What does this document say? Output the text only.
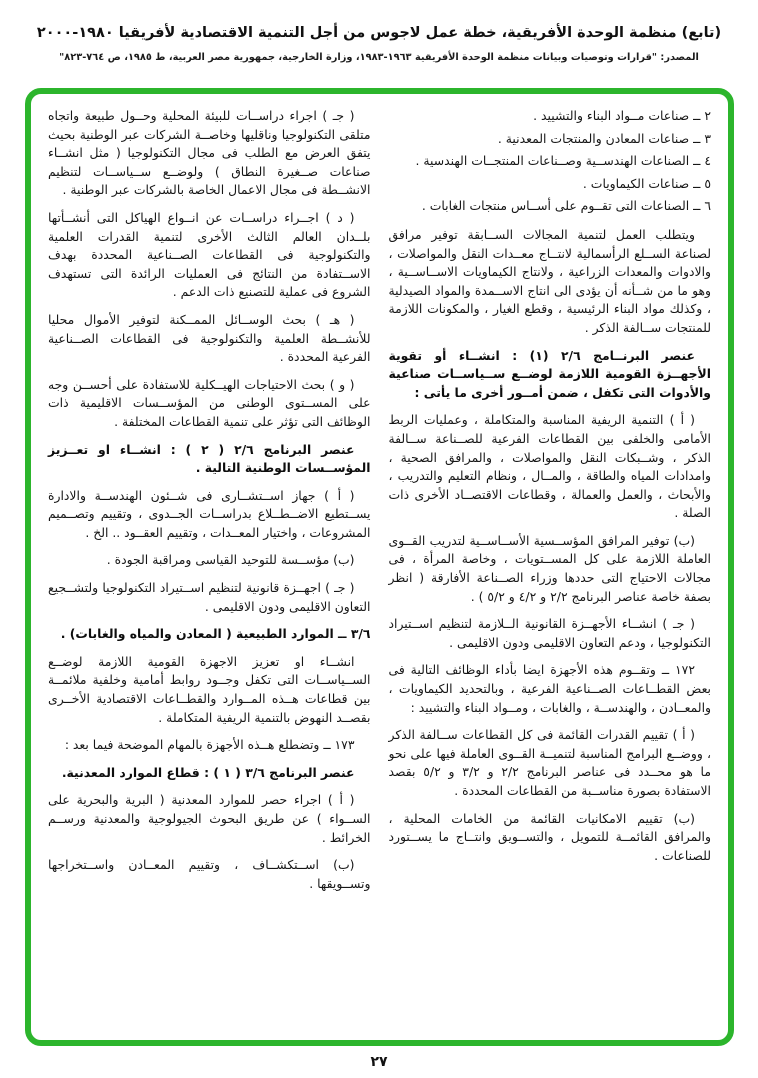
(تابع) منظمة الوحدة الأفريقية، خطة عمل لاجوس من أجل التنمية الاقتصادية لأفريقيا ١٩٨٠-٢٠٠٠

المصدر: "قرارات وتوصيات وبيانات منظمة الوحدة الأفريقية ١٩٦٣-١٩٨٣، وزارة الخارجية، جمهورية مصر العربية، ط ١٩٨٥، ص ٧٦٤-٨٢٣"

٢ ــ صناعات مــواد البناء والتشييد .

٣ ــ صناعات المعادن والمنتجات المعدنية .

٤ ــ الصناعات الهندســية وصــناعات المنتجــات الهندسية .

٥ ــ صناعات الكيماويات .

٦ ــ الصناعات التى تقــوم على أســاس منتجات الغابات .

ويتطلب العمل لتنمية المجالات الســابقة توفير مرافق لصناعة الســلع الرأسمالية لانتــاج معــدات النقل والمواصلات ، والادوات والمعدات الزراعية ، ولانتاج الكيماويات الاســاســية ، وهو ما من شــأنه أن يؤدى الى انتاج الاســمدة والمواد الصيدلية ، وكذلك مواد البناء الرئيسية ، وقطع الغيار ، والمكونات اللازمة للمنتجات ســالفة الذكر .

عنصر البرنــامج ٢/٦ (١) : انشــاء أو تقوية الأجهــزة القومية اللازمة لوضــع ســياســات صناعية والأدوات التى تكفل ، ضمن أمــور أخرى ما يأتى :

( أ ) التنمية الريفية المناسبة والمتكاملة ، وعمليات الربط الأمامى والخلفى بين القطاعات الفرعية للصــناعة ســالفة الذكر ، وشــبكات النقل والمواصلات ، والمرافق الصحية ، وامدادات المياه والطاقة ، والمــال ، ونظام التعليم والتدريب ، والأبحاث ، والعمل والعمالة ، وقطاعات الاقتصــاد الأخرى ذات الصلة .

(ب) توفير المرافق المؤســسية الأســاســية لتدريب القــوى العاملة اللازمة على كل المســتويات ، وخاصة المرأة ، فى مجالات الاحتياج التى حددها وزراء الصــناعة الأفارقة ( انظر بصفة خاصة عناصر البرنامج ٢/٢ و ٤/٢ و ٥/٢ ) .

( جـ ) انشــاء الأجهــزة القانونية الــلازمة لتنظيم اســتيراد التكنولوجيا ، ودعم التعاون الاقليمى ودون الاقليمى .

١٧٢ ــ وتقــوم هذه الأجهزة ايضا بأداء الوظائف التالية فى بعض القطــاعات الصــناعية الفرعية ، وبالتحديد الكيماويات ، والمعــادن ، والهندســة ، والغابات ، ومــواد البناء والتشييد :

( أ ) تقييم القدرات القائمة فى كل القطاعات ســالفة الذكر ، ووضــع البرامج المناسبة لتنميــة القــوى العاملة فيها على نحو ما هو محــدد فى عناصر البرنامج ٢/٢ و ٣/٢ و ٥/٢ بقصد الاستفادة بصورة مناســبة من القطاعات المحددة .

(ب) تقييم الامكانيات القائمة من الخامات المحلية ، والمرافق القائمــة للتمويل ، والتســويق وانتــاج ما يســتورد للصناعات .

( جـ ) اجراء دراســات للبيئة المحلية وحــول طبيعة واتجاه متلقى التكنولوجيا وناقليها وخاصــة الشركات عبر الوطنية بحيث يتفق العرض مع الطلب فى مجال التكنولوجيا ( مثل انشــاء صناعات صــغيرة النطاق ) ولوضــع ســياســات لتنظيم الانشــطة فى مجال الاعمال الخاصة بالشركات عبر الوطنية .

( د ) اجــراء دراســات عن انــواع الهياكل التى أنشــأتها بلــدان العالم الثالث الأخرى لتنمية القدرات العلمية والتكنولوجية فى القطاعات الصــناعية المحددة بهدف الاســتفادة من النتائج فى العمليات الرائدة التى تستهدف الشروع فى عملية للتصنيع ذات الدعم .

( هـ ) بحث الوســائل الممــكنة لتوفير الأموال محليا للأنشــطة العلمية والتكنولوجية فى القطاعات الصــناعية الفرعية المحددة .

( و ) بحث الاحتياجات الهيــكلية للاستفادة على أحســن وجه على المســتوى الوطنى من المؤســسات الاقليمية ذات الوظائف التى تؤثر على تنمية القطاعات المختلفة .

عنصر البرنامج ٢/٦ ( ٢ ) : انشــاء او تعــزيز المؤســسات الوطنية التالية .

( أ ) جهاز اســتشــارى فى شــئون الهندســة والادارة يســتطيع الاضــطــلاع بدراســات الجــدوى ، وتقييم وتصــميم المشروعات ، واختيار المعــدات ، وتقييم العقــود .. الخ .

(ب) مؤســسة للتوحيد القياسى ومراقبة الجودة .

( جـ ) اجهــزة قانونية لتنظيم اســتيراد التكنولوجيا ولتشــجيع التعاون الاقليمى ودون الاقليمى .

٣/٦ ــ الموارد الطبيعية ( المعادن والمياه والغابات) .

انشــاء او تعزيز الاجهزة القومية اللازمة لوضــع الســياســات التى تكفل وجــود روابط أمامية وخلفية ملائمــة بين قطاعات هــذه المــوارد والقطــاعات الاقتصادية الأخــرى بقصــد النهوض بالتنمية الريفية المتكاملة .

١٧٣ ــ وتضطلع هــذه الأجهزة بالمهام الموضحة فيما بعد :

عنصر البرنامج ٣/٦ ( ١ ) : قطاع الموارد المعدنية.

( أ ) اجراء حصر للموارد المعدنية ( البرية والبحرية على الســواء ) عن طريق البحوث الجيولوجية والمعدنية ورســم الخرائط .

(ب) اســتكشــاف ، وتقييم المعــادن واســتخراجها وتســويقها .

٢٧
